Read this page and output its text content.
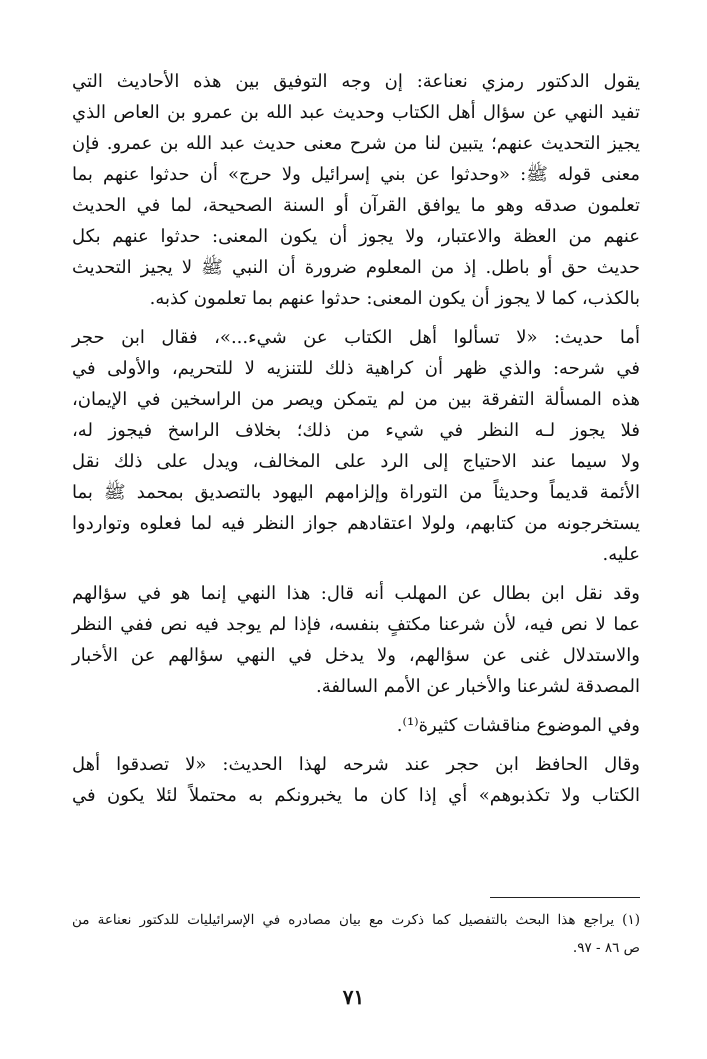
يقول الدكتور رمزي نعناعة: إن وجه التوفيق بين هذه الأحاديث التي
تفيد النهي عن سؤال أهل الكتاب وحديث عبد الله بن عمرو بن العاص الذي
يجيز التحديث عنهم؛ يتبين لنا من شرح معنى حديث عبد الله بن عمرو. فإن
معنى قوله ﷺ: «وحدثوا عن بني إسرائيل ولا حرج» أن حدثوا عنهم بما
تعلمون صدقه وهو ما يوافق القرآن أو السنة الصحيحة، لما في الحديث
عنهم من العظة والاعتبار، ولا يجوز أن يكون المعنى: حدثوا عنهم بكل
حديث حق أو باطل. إذ من المعلوم ضرورة أن النبي ﷺ لا يجيز التحديث
بالكذب، كما لا يجوز أن يكون المعنى: حدثوا عنهم بما تعلمون كذبه.
أما حديث: «لا تسألوا أهل الكتاب عن شيء...»، فقال ابن حجر
في شرحه: والذي ظهر أن كراهية ذلك للتنزيه لا للتحريم، والأولى في
هذه المسألة التفرقة بين من لم يتمكن ويصر من الراسخين في الإيمان،
فلا يجوز لـه النظر في شيء من ذلك؛ بخلاف الراسخ فيجوز له،
ولا سيما عند الاحتياج إلى الرد على المخالف، ويدل على ذلك نقل
الأئمة قديماً وحديثاً من التوراة وإلزامهم اليهود بالتصديق بمحمد ﷺ بما
يستخرجونه من كتابهم، ولولا اعتقادهم جواز النظر فيه لما فعلوه وتواردوا
عليه.
وقد نقل ابن بطال عن المهلب أنه قال: هذا النهي إنما هو في سؤالهم
عما لا نص فيه، لأن شرعنا مكتفٍ بنفسه، فإذا لم يوجد فيه نص ففي النظر
والاستدلال غنى عن سؤالهم، ولا يدخل في النهي سؤالهم عن الأخبار
المصدقة لشرعنا والأخبار عن الأمم السالفة.
وفي الموضوع مناقشات كثيرة⁽¹⁾.
وقال الحافظ ابن حجر عند شرحه لهذا الحديث: «لا تصدقوا أهل
الكتاب ولا تكذبوهم» أي إذا كان ما يخبرونكم به محتملاً لئلا يكون في
(١) يراجع هذا البحث بالتفصيل كما ذكرت مع بيان مصادره في الإسرائيليات للدكتور نعناعة من
ص ٨٦ - ٩٧.
٧١
